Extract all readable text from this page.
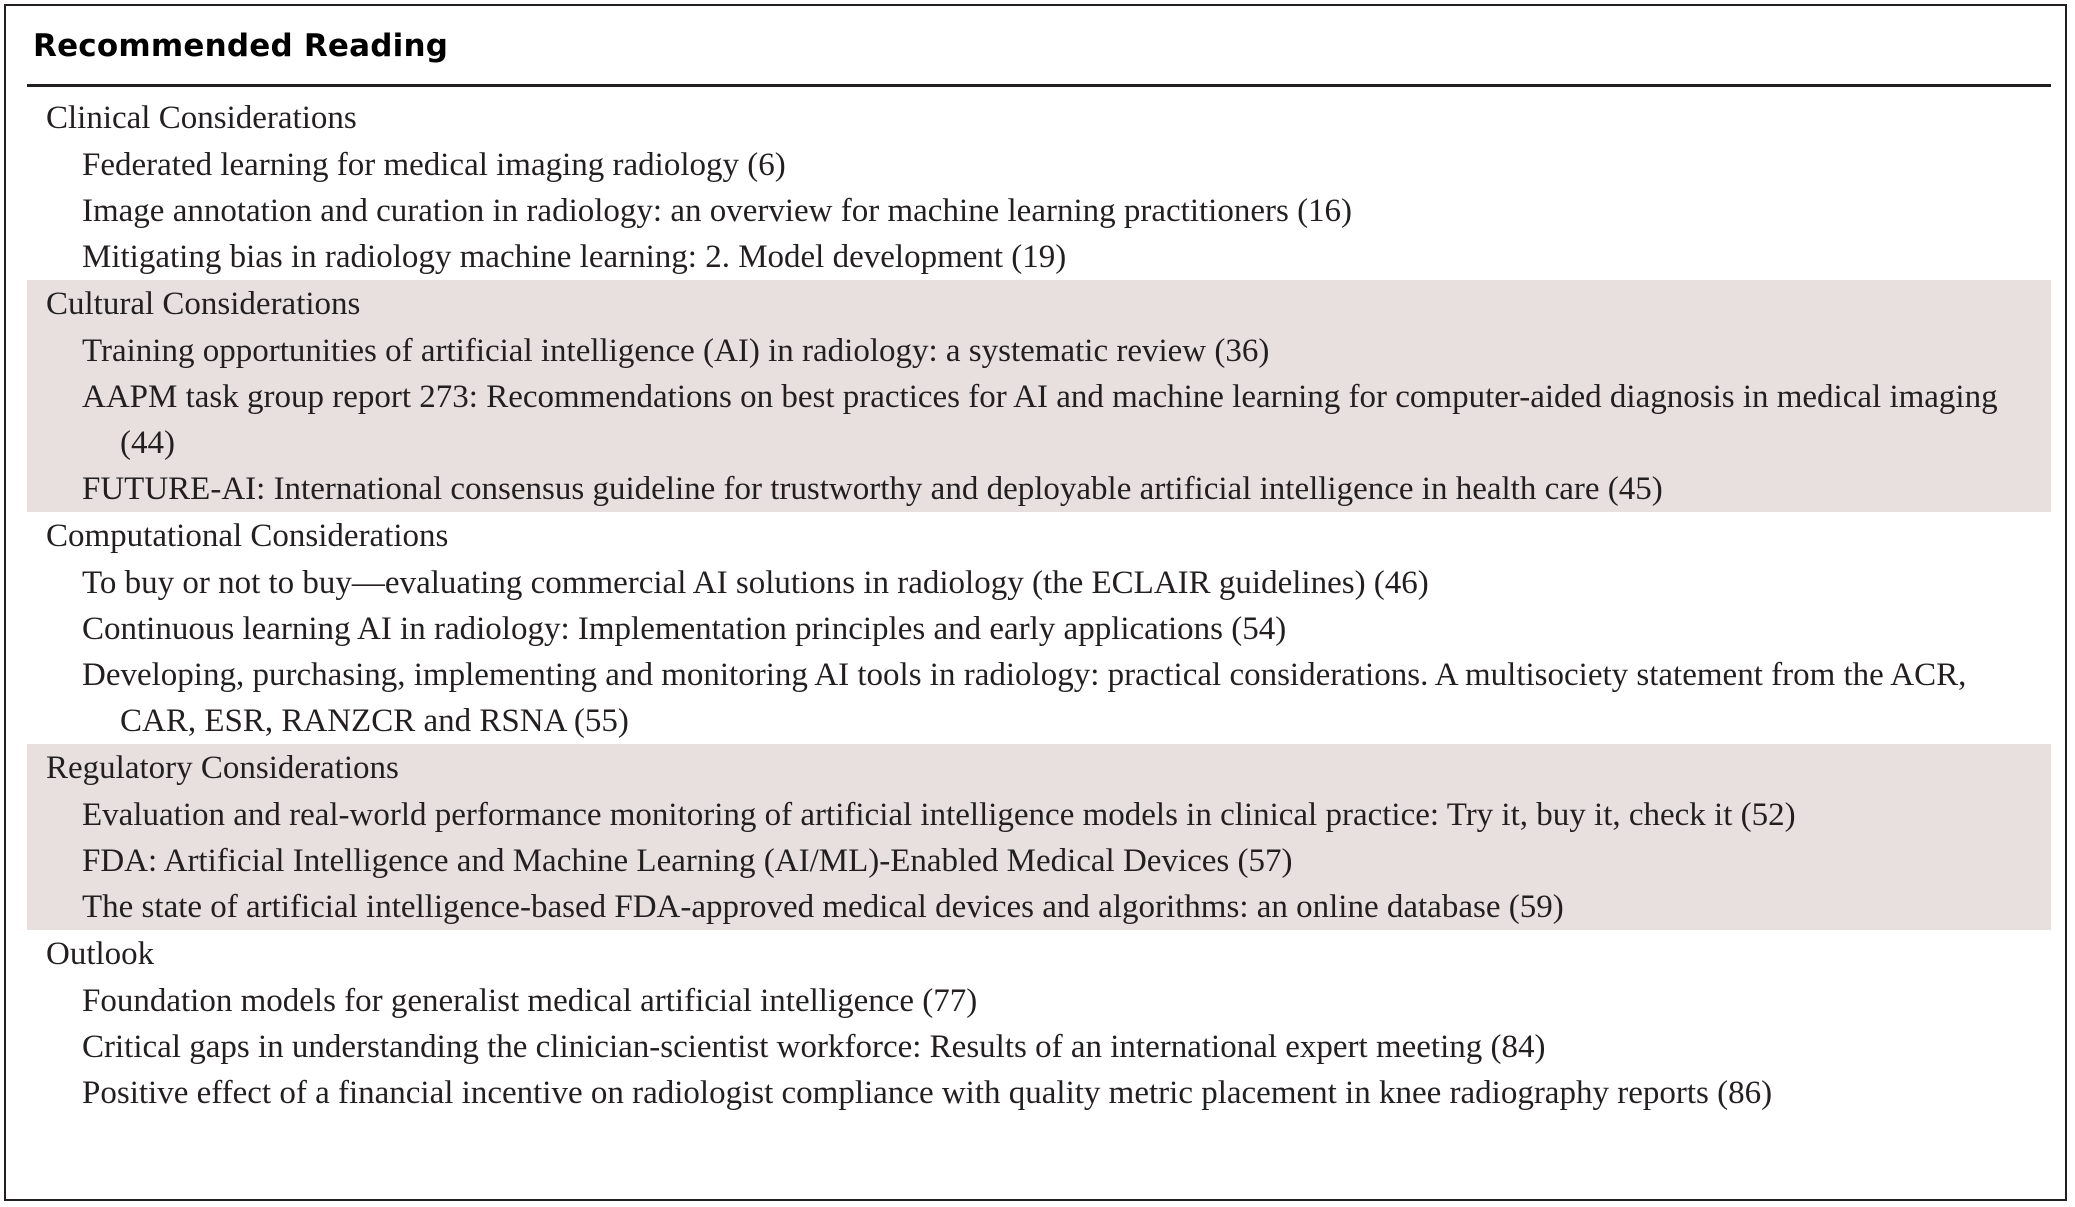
Recommended Reading
Clinical Considerations
Federated learning for medical imaging radiology (6)
Image annotation and curation in radiology: an overview for machine learning practitioners (16)
Mitigating bias in radiology machine learning: 2. Model development (19)
Cultural Considerations
Training opportunities of artificial intelligence (AI) in radiology: a systematic review (36)
AAPM task group report 273: Recommendations on best practices for AI and machine learning for computer-aided diagnosis in medical imaging (44)
FUTURE-AI: International consensus guideline for trustworthy and deployable artificial intelligence in health care (45)
Computational Considerations
To buy or not to buy—evaluating commercial AI solutions in radiology (the ECLAIR guidelines) (46)
Continuous learning AI in radiology: Implementation principles and early applications (54)
Developing, purchasing, implementing and monitoring AI tools in radiology: practical considerations. A multisociety statement from the ACR, CAR, ESR, RANZCR and RSNA (55)
Regulatory Considerations
Evaluation and real-world performance monitoring of artificial intelligence models in clinical practice: Try it, buy it, check it (52)
FDA: Artificial Intelligence and Machine Learning (AI/ML)-Enabled Medical Devices (57)
The state of artificial intelligence-based FDA-approved medical devices and algorithms: an online database (59)
Outlook
Foundation models for generalist medical artificial intelligence (77)
Critical gaps in understanding the clinician-scientist workforce: Results of an international expert meeting (84)
Positive effect of a financial incentive on radiologist compliance with quality metric placement in knee radiography reports (86)
